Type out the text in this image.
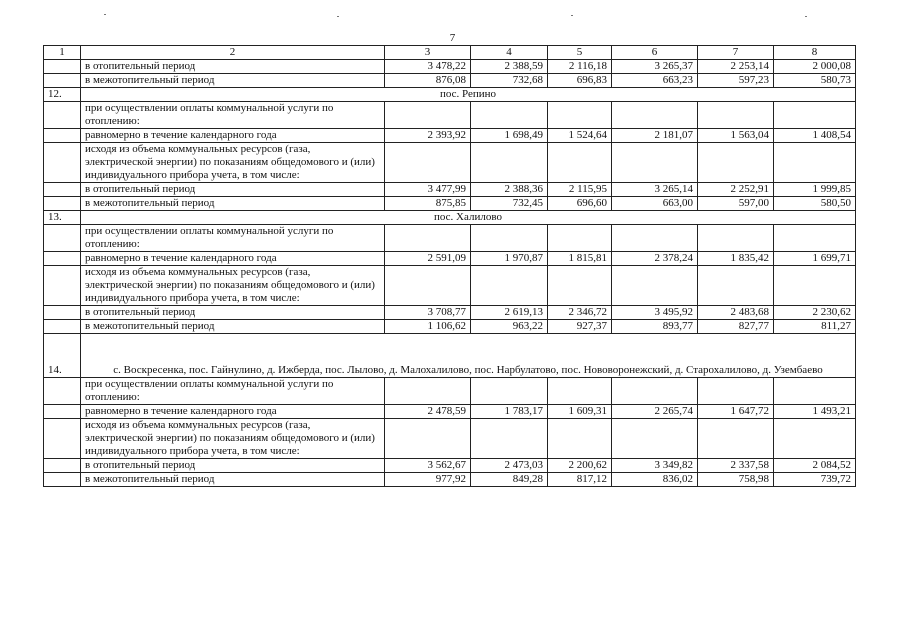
7
1	2	3	4	5	6	7	8
	в отопительный период	3 478,22	2 388,59	2 116,18	3 265,37	2 253,14	2 000,08
	в межотопительный период	876,08	732,68	696,83	663,23	597,23	580,73
12.	пос. Репино						
	при осуществлении оплаты коммунальной услуги по отоплению:						
	равномерно в течение календарного года	2 393,92	1 698,49	1 524,64	2 181,07	1 563,04	1 408,54
	исходя из объема коммунальных ресурсов (газа, электрической энергии) по показаниям общедомового и (или) индивидуального прибора учета, в том числе:						
	в отопительный период	3 477,99	2 388,36	2 115,95	3 265,14	2 252,91	1 999,85
	в межотопительный период	875,85	732,45	696,60	663,00	597,00	580,50
13.	пос. Халилово						
	при осуществлении оплаты коммунальной услуги по отоплению:						
	равномерно в течение календарного года	2 591,09	1 970,87	1 815,81	2 378,24	1 835,42	1 699,71
	исходя из объема коммунальных ресурсов (газа, электрической энергии) по показаниям общедомового и (или) индивидуального прибора учета, в том числе:						
	в отопительный период	3 708,77	2 619,13	2 346,72	3 495,92	2 483,68	2 230,62
	в межотопительный период	1 106,62	963,22	927,37	893,77	827,77	811,27
14.	с. Воскресенка, пос. Гайнулино, д. Ижберда, пос. Лылово, д. Малохалилово, пос. Нарбулатово, пос. Нововоронежский, д. Старохалилово, д. Узембаево						
	при осуществлении оплаты коммунальной услуги по отоплению:						
	равномерно в течение календарного года	2 478,59	1 783,17	1 609,31	2 265,74	1 647,72	1 493,21
	исходя из объема коммунальных ресурсов (газа, электрической энергии) по показаниям общедомового и (или) индивидуального прибора учета, в том числе:						
	в отопительный период	3 562,67	2 473,03	2 200,62	3 349,82	2 337,58	2 084,52
	в межотопительный период	977,92	849,28	817,12	836,02	758,98	739,72
